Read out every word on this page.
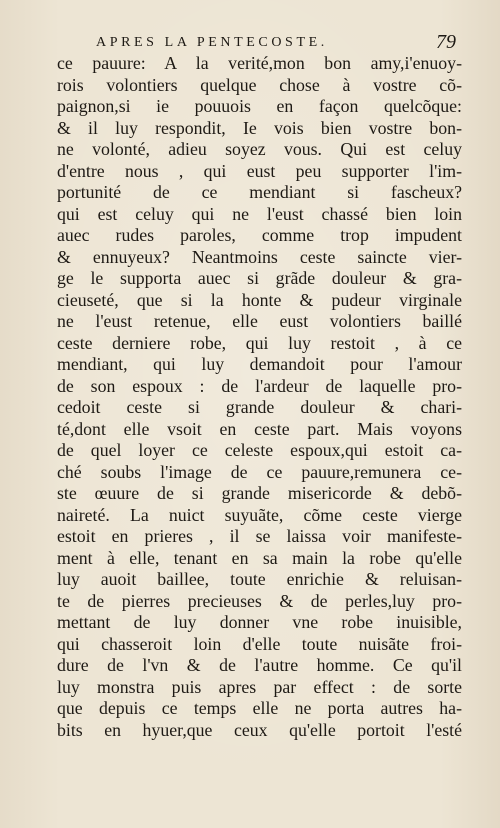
APRES LA PENTECOSTE.	79
ce pauure: A la verité,mon bon amy,i'enuoy-
rois volontiers quelque chose à vostre cõ-
paignon,si ie pouuois en façon quelcõque:
& il luy respondit, Ie vois bien vostre bon-
ne volonté, adieu soyez vous. Qui est celuy
d'entre nous , qui eust peu supporter l'im-
portunité de ce mendiant si fascheux?
qui est celuy qui ne l'eust chassé bien loin
auec rudes paroles, comme trop impudent
& ennuyeux? Neantmoins ceste saincte vier-
ge le supporta auec si grãde douleur & gra-
cieuseté, que si la honte & pudeur virginale
ne l'eust retenue, elle eust volontiers baillé
ceste derniere robe, qui luy restoit , à ce
mendiant, qui luy demandoit pour l'amour
de son espoux : de l'ardeur de laquelle pro-
cedoit ceste si grande douleur & chari-
té,dont elle vsoit en ceste part. Mais voyons
de quel loyer ce celeste espoux,qui estoit ca-
ché soubs l'image de ce pauure,remunera ce-
ste œuure de si grande misericorde & debõ-
naireté. La nuict suyuãte, cõme ceste vierge
estoit en prieres , il se laissa voir manifeste-
ment à elle, tenant en sa main la robe qu'elle
luy auoit baillee, toute enrichie & reluisan-
te de pierres precieuses & de perles,luy pro-
mettant de luy donner vne robe inuisible,
qui chasseroit loin d'elle toute nuisãte froi-
dure de l'vn & de l'autre homme. Ce qu'il
luy monstra puis apres par effect : de sorte
que depuis ce temps elle ne porta autres ha-
bits en hyuer,que ceux qu'elle portoit l'esté
